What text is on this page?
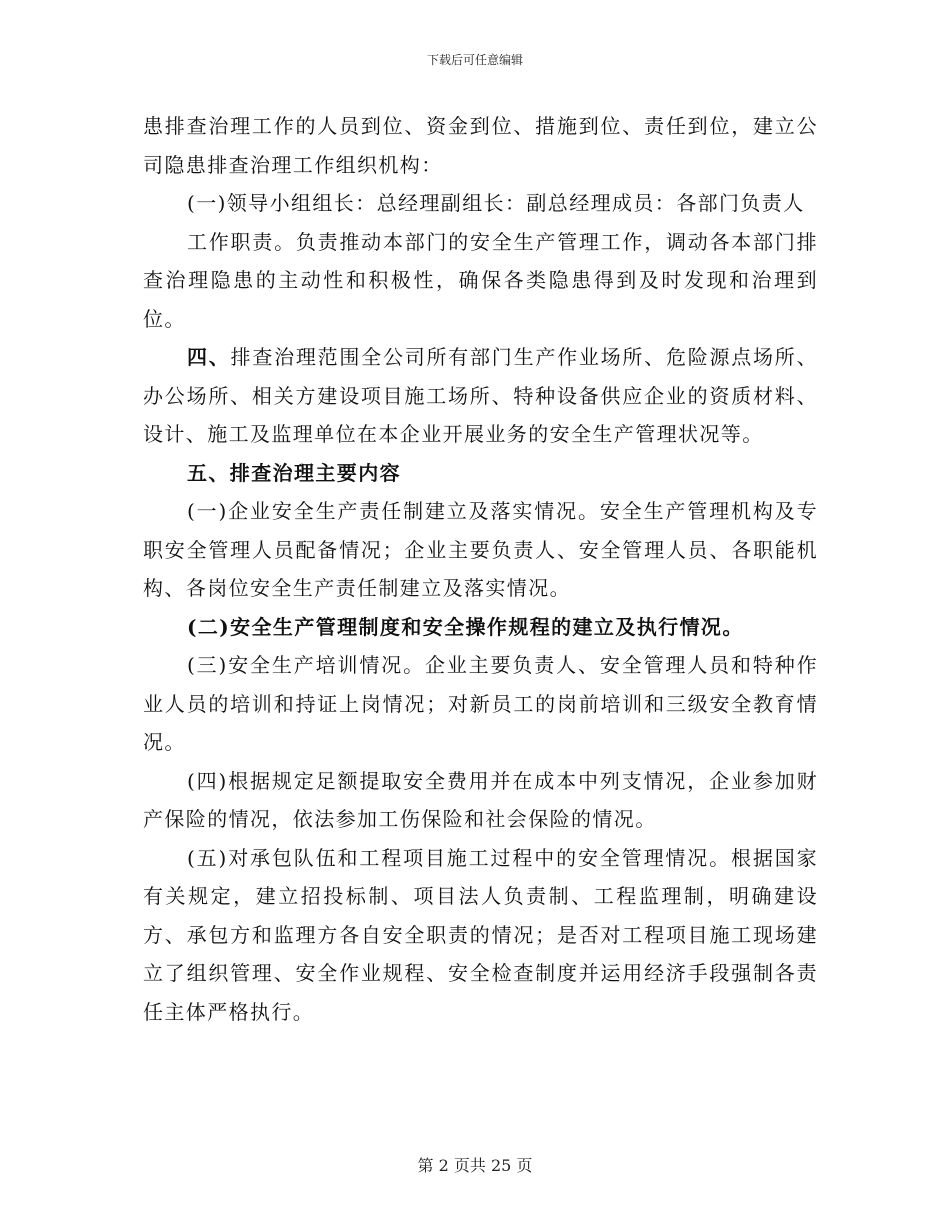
下载后可任意编辑

患排查治理工作的人员到位、资金到位、措施到位、责任到位，建立公司隐患排查治理工作组织机构：

(一)领导小组组长：总经理副组长：副总经理成员：各部门负责人

工作职责。负责推动本部门的安全生产管理工作，调动各本部门排查治理隐患的主动性和积极性，确保各类隐患得到及时发现和治理到位。

四、排查治理范围全公司所有部门生产作业场所、危险源点场所、办公场所、相关方建设项目施工场所、特种设备供应企业的资质材料、设计、施工及监理单位在本企业开展业务的安全生产管理状况等。

五、排查治理主要内容

(一)企业安全生产责任制建立及落实情况。安全生产管理机构及专职安全管理人员配备情况；企业主要负责人、安全管理人员、各职能机构、各岗位安全生产责任制建立及落实情况。

(二)安全生产管理制度和安全操作规程的建立及执行情况。

(三)安全生产培训情况。企业主要负责人、安全管理人员和特种作业人员的培训和持证上岗情况；对新员工的岗前培训和三级安全教育情况。

(四)根据规定足额提取安全费用并在成本中列支情况，企业参加财产保险的情况，依法参加工伤保险和社会保险的情况。

(五)对承包队伍和工程项目施工过程中的安全管理情况。根据国家有关规定，建立招投标制、项目法人负责制、工程监理制，明确建设方、承包方和监理方各自安全职责的情况；是否对工程项目施工现场建立了组织管理、安全作业规程、安全检查制度并运用经济手段强制各责任主体严格执行。

第 2 页共 25 页
